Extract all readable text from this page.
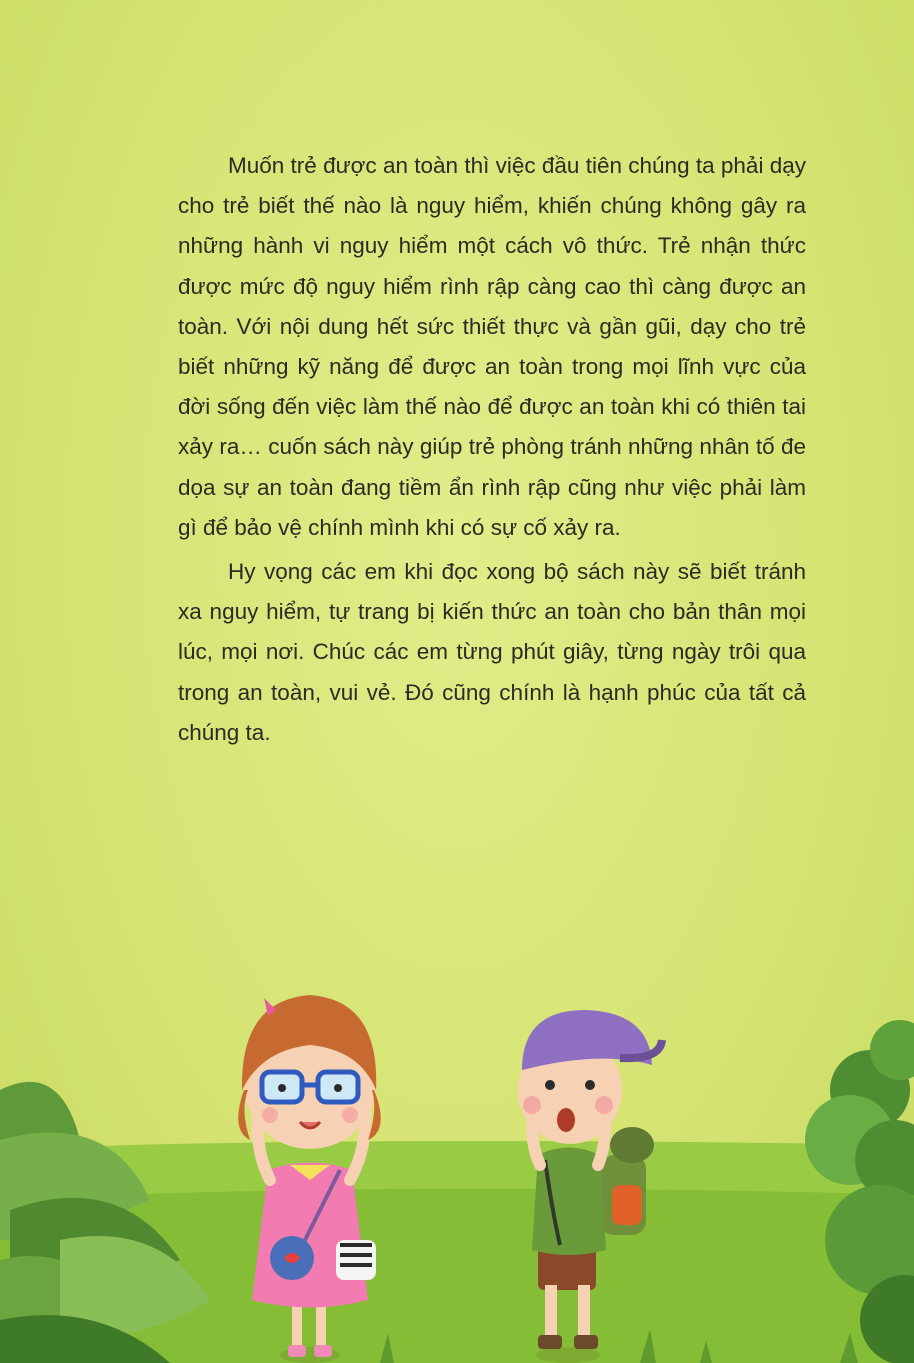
Muốn trẻ được an toàn thì việc đầu tiên chúng ta phải dạy cho trẻ biết thế nào là nguy hiểm, khiến chúng không gây ra những hành vi nguy hiểm một cách vô thức. Trẻ nhận thức được mức độ nguy hiểm rình rập càng cao thì càng được an toàn. Với nội dung hết sức thiết thực và gần gũi, dạy cho trẻ biết những kỹ năng để được an toàn trong mọi lĩnh vực của đời sống đến việc làm thế nào để được an toàn khi có thiên tai xảy ra… cuốn sách này giúp trẻ phòng tránh những nhân tố đe dọa sự an toàn đang tiềm ẩn rình rập cũng như việc phải làm gì để bảo vệ chính mình khi có sự cố xảy ra.

Hy vọng các em khi đọc xong bộ sách này sẽ biết tránh xa nguy hiểm, tự trang bị kiến thức an toàn cho bản thân mọi lúc, mọi nơi. Chúc các em từng phút giây, từng ngày trôi qua trong an toàn, vui vẻ. Đó cũng chính là hạnh phúc của tất cả chúng ta.
